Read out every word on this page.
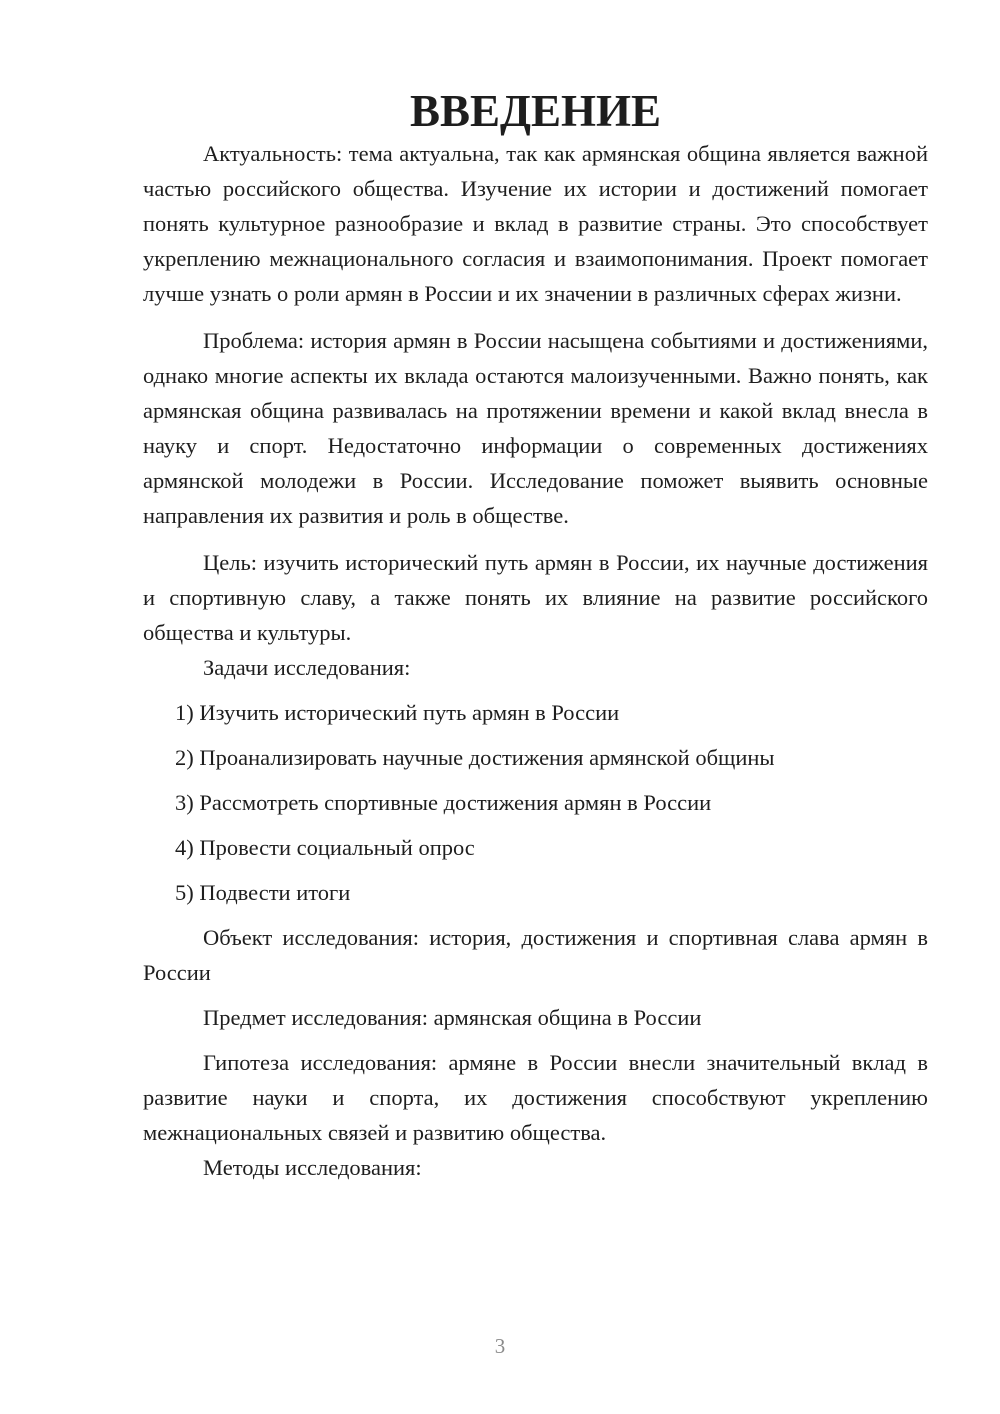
ВВЕДЕНИЕ

Актуальность: тема актуальна, так как армянская община является важной частью российского общества. Изучение их истории и достижений помогает понять культурное разнообразие и вклад в развитие страны. Это способствует укреплению межнационального согласия и взаимопонимания. Проект помогает лучше узнать о роли армян в России и их значении в различных сферах жизни.

Проблема: история армян в России насыщена событиями и достижениями, однако многие аспекты их вклада остаются малоизученными. Важно понять, как армянская община развивалась на протяжении времени и какой вклад внесла в науку и спорт. Недостаточно информации о современных достижениях армянской молодежи в России. Исследование поможет выявить основные направления их развития и роль в обществе.

Цель: изучить исторический путь армян в России, их научные достижения и спортивную славу, а также понять их влияние на развитие российского общества и культуры.

Задачи исследования:

1) Изучить исторический путь армян в России
2) Проанализировать научные достижения армянской общины
3) Рассмотреть спортивные достижения армян в России
4) Провести социальный опрос
5) Подвести итоги

Объект исследования: история, достижения и спортивная слава армян в России

Предмет исследования: армянская община в России

Гипотеза исследования: армяне в России внесли значительный вклад в развитие науки и спорта, их достижения способствуют укреплению межнациональных связей и развитию общества.

Методы исследования:

3
